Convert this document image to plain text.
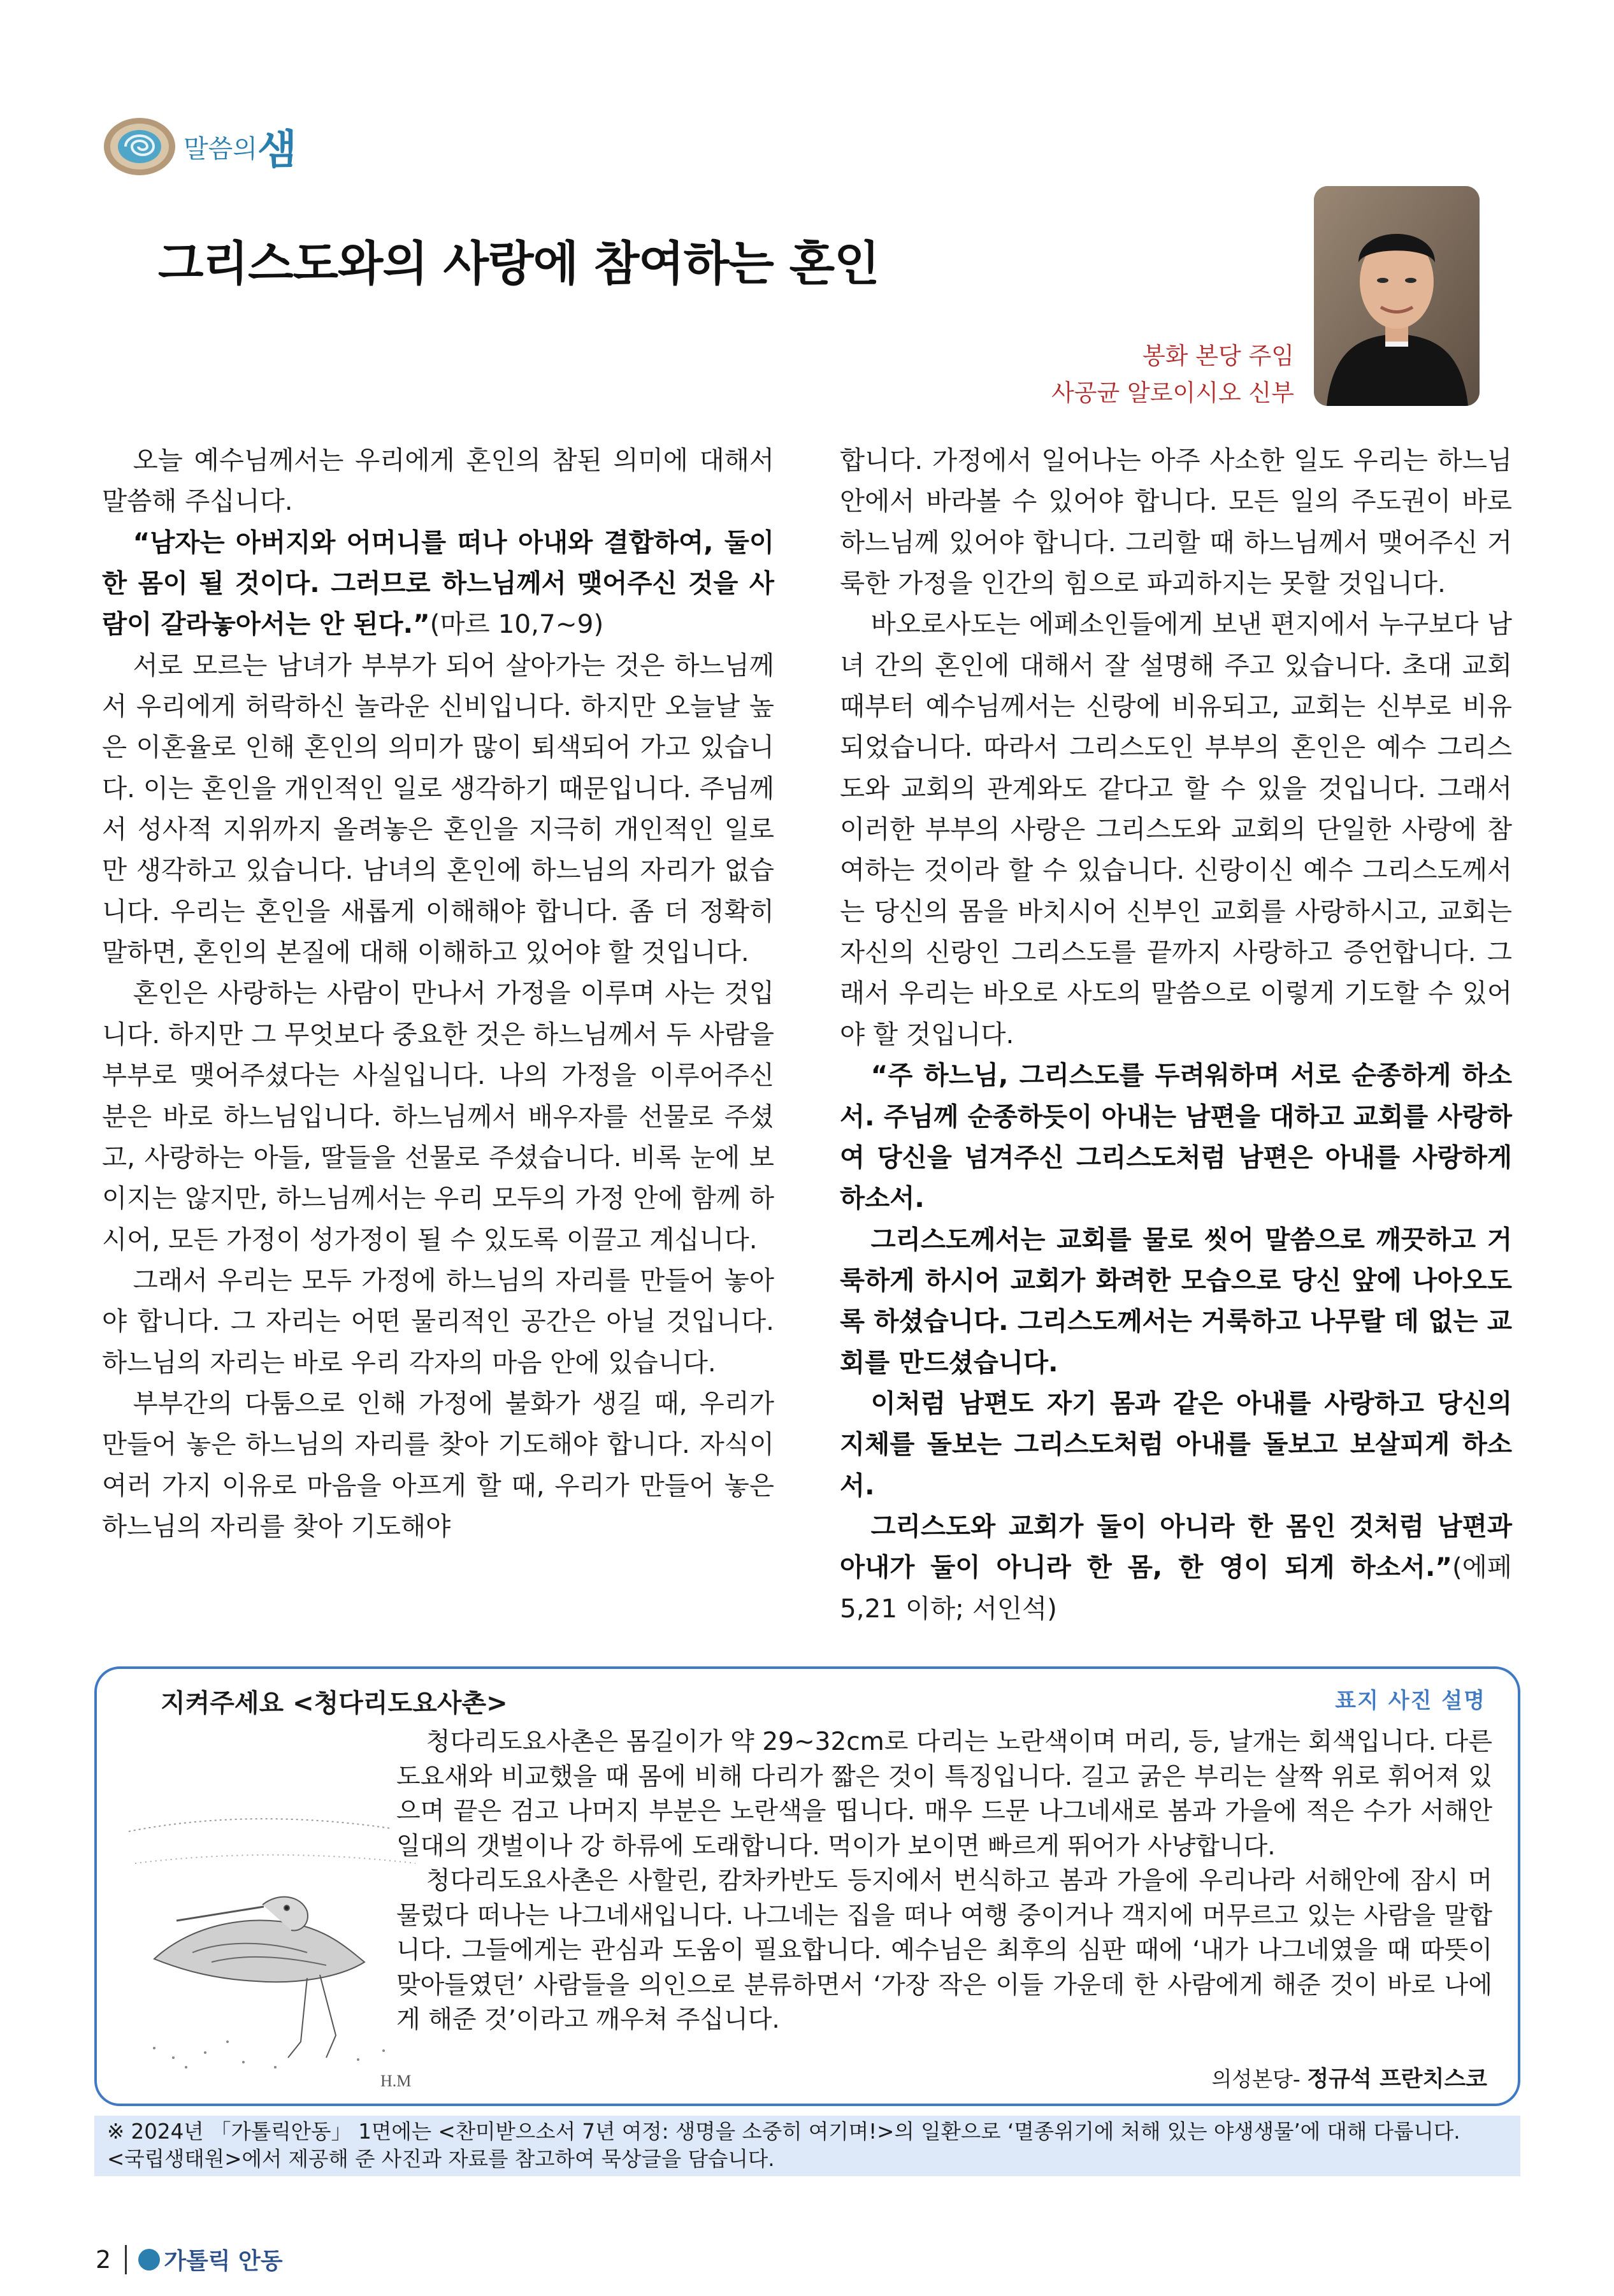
말씀의 샘
그리스도와의 사랑에 참여하는 혼인
봉화 본당 주임
사공균 알로이시오 신부

오늘 예수님께서는 우리에게 혼인의 참된 의미에 대해서 말씀해 주십니다.

“남자는 아버지와 어머니를 떠나 아내와 결합하여, 둘이 한 몸이 될 것이다. 그러므로 하느님께서 맺어주신 것을 사람이 갈라놓아서는 안 된다.”(마르 10,7~9)

서로 모르는 남녀가 부부가 되어 살아가는 것은 하느님께서 우리에게 허락하신 놀라운 신비입니다. 하지만 오늘날 높은 이혼율로 인해 혼인의 의미가 많이 퇴색되어 가고 있습니다. 이는 혼인을 개인적인 일로 생각하기 때문입니다. 주님께서 성사적 지위까지 올려놓은 혼인을 지극히 개인적인 일로만 생각하고 있습니다. 남녀의 혼인에 하느님의 자리가 없습니다. 우리는 혼인을 새롭게 이해해야 합니다. 좀 더 정확히 말하면, 혼인의 본질에 대해 이해하고 있어야 할 것입니다.

혼인은 사랑하는 사람이 만나서 가정을 이루며 사는 것입니다. 하지만 그 무엇보다 중요한 것은 하느님께서 두 사람을 부부로 맺어주셨다는 사실입니다. 나의 가정을 이루어주신 분은 바로 하느님입니다. 하느님께서 배우자를 선물로 주셨고, 사랑하는 아들, 딸들을 선물로 주셨습니다. 비록 눈에 보이지는 않지만, 하느님께서는 우리 모두의 가정 안에 함께 하시어, 모든 가정이 성가정이 될 수 있도록 이끌고 계십니다.

그래서 우리는 모두 가정에 하느님의 자리를 만들어 놓아야 합니다. 그 자리는 어떤 물리적인 공간은 아닐 것입니다. 하느님의 자리는 바로 우리 각자의 마음 안에 있습니다.

부부간의 다툼으로 인해 가정에 불화가 생길 때, 우리가 만들어 놓은 하느님의 자리를 찾아 기도해야 합니다. 자식이 여러 가지 이유로 마음을 아프게 할 때, 우리가 만들어 놓은 하느님의 자리를 찾아 기도해야

합니다. 가정에서 일어나는 아주 사소한 일도 우리는 하느님 안에서 바라볼 수 있어야 합니다. 모든 일의 주도권이 바로 하느님께 있어야 합니다. 그리할 때 하느님께서 맺어주신 거룩한 가정을 인간의 힘으로 파괴하지는 못할 것입니다.

바오로사도는 에페소인들에게 보낸 편지에서 누구보다 남녀 간의 혼인에 대해서 잘 설명해 주고 있습니다. 초대 교회 때부터 예수님께서는 신랑에 비유되고, 교회는 신부로 비유되었습니다. 따라서 그리스도인 부부의 혼인은 예수 그리스도와 교회의 관계와도 같다고 할 수 있을 것입니다. 그래서 이러한 부부의 사랑은 그리스도와 교회의 단일한 사랑에 참여하는 것이라 할 수 있습니다. 신랑이신 예수 그리스도께서는 당신의 몸을 바치시어 신부인 교회를 사랑하시고, 교회는 자신의 신랑인 그리스도를 끝까지 사랑하고 증언합니다. 그래서 우리는 바오로 사도의 말씀으로 이렇게 기도할 수 있어야 할 것입니다.

“주 하느님, 그리스도를 두려워하며 서로 순종하게 하소서. 주님께 순종하듯이 아내는 남편을 대하고 교회를 사랑하여 당신을 넘겨주신 그리스도처럼 남편은 아내를 사랑하게 하소서.

그리스도께서는 교회를 물로 씻어 말씀으로 깨끗하고 거룩하게 하시어 교회가 화려한 모습으로 당신 앞에 나아오도록 하셨습니다. 그리스도께서는 거룩하고 나무랄 데 없는 교회를 만드셨습니다.

이처럼 남편도 자기 몸과 같은 아내를 사랑하고 당신의 지체를 돌보는 그리스도처럼 아내를 돌보고 보살피게 하소서.

그리스도와 교회가 둘이 아니라 한 몸인 것처럼 남편과 아내가 둘이 아니라 한 몸, 한 영이 되게 하소서.”(에페 5,21 이하; 서인석)

지켜주세요 <청다리도요사촌>	표지 사진 설명
H.M

청다리도요사촌은 몸길이가 약 29~32cm로 다리는 노란색이며 머리, 등, 날개는 회색입니다. 다른 도요새와 비교했을 때 몸에 비해 다리가 짧은 것이 특징입니다. 길고 굵은 부리는 살짝 위로 휘어져 있으며 끝은 검고 나머지 부분은 노란색을 띱니다. 매우 드문 나그네새로 봄과 가을에 적은 수가 서해안 일대의 갯벌이나 강 하류에 도래합니다. 먹이가 보이면 빠르게 뛰어가 사냥합니다.

청다리도요사촌은 사할린, 캄차카반도 등지에서 번식하고 봄과 가을에 우리나라 서해안에 잠시 머물렀다 떠나는 나그네새입니다. 나그네는 집을 떠나 여행 중이거나 객지에 머무르고 있는 사람을 말합니다. 그들에게는 관심과 도움이 필요합니다. 예수님은 최후의 심판 때에 ‘내가 나그네였을 때 따뜻이 맞아들였던’ 사람들을 의인으로 분류하면서 ‘가장 작은 이들 가운데 한 사람에게 해준 것이 바로 나에게 해준 것’이라고 깨우쳐 주십니다.

의성본당- 정규석 프란치스코
※ 2024년 「가톨릭안동」 1면에는 <찬미받으소서 7년 여정: 생명을 소중히 여기며!>의 일환으로 ‘멸종위기에 처해 있는 야생생물’에 대해 다룹니다.
<국립생태원>에서 제공해 준 사진과 자료를 참고하여 묵상글을 담습니다.
2 가톨릭 안동
